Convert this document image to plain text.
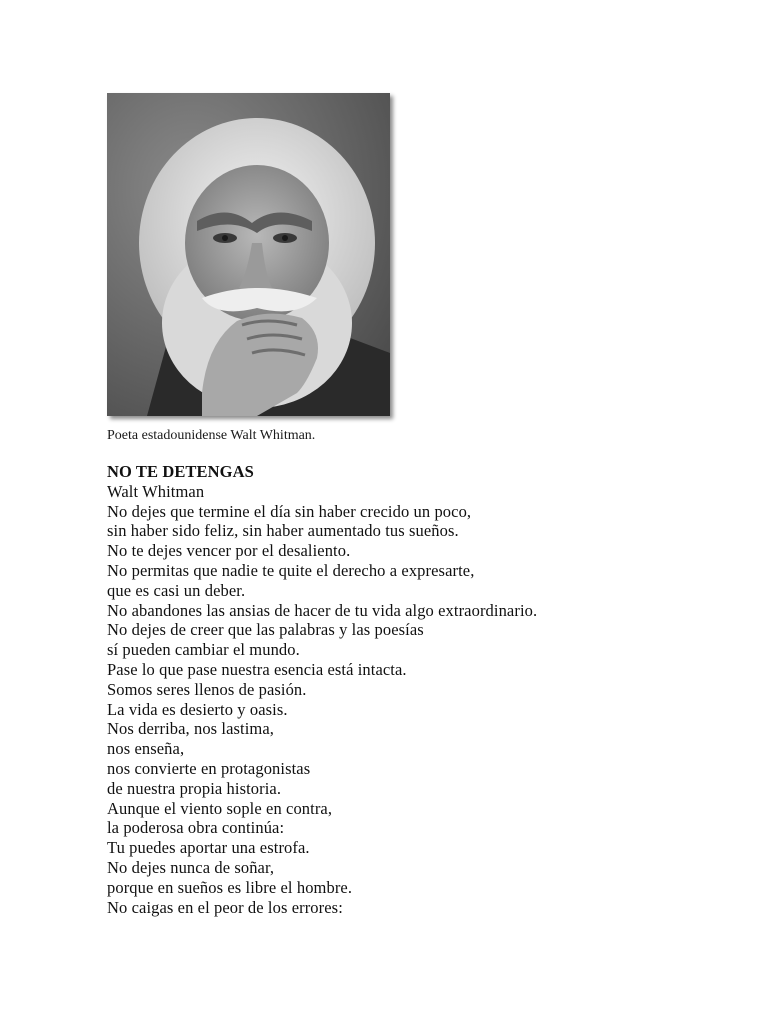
Poeta estadounidense Walt Whitman.
NO TE DETENGAS
Walt Whitman
No dejes que termine el día sin haber crecido un poco,
sin haber sido feliz, sin haber aumentado tus sueños.
No te dejes vencer por el desaliento.
No permitas que nadie te quite el derecho a expresarte,
que es casi un deber.
No abandones las ansias de hacer de tu vida algo extraordinario.
No dejes de creer que las palabras y las poesías
sí pueden cambiar el mundo.
Pase lo que pase nuestra esencia está intacta.
Somos seres llenos de pasión.
La vida es desierto y oasis.
Nos derriba, nos lastima,
nos enseña,
nos convierte en protagonistas
de nuestra propia historia.
Aunque el viento sople en contra,
la poderosa obra continúa:
Tu puedes aportar una estrofa.
No dejes nunca de soñar,
porque en sueños es libre el hombre.
No caigas en el peor de los errores:
